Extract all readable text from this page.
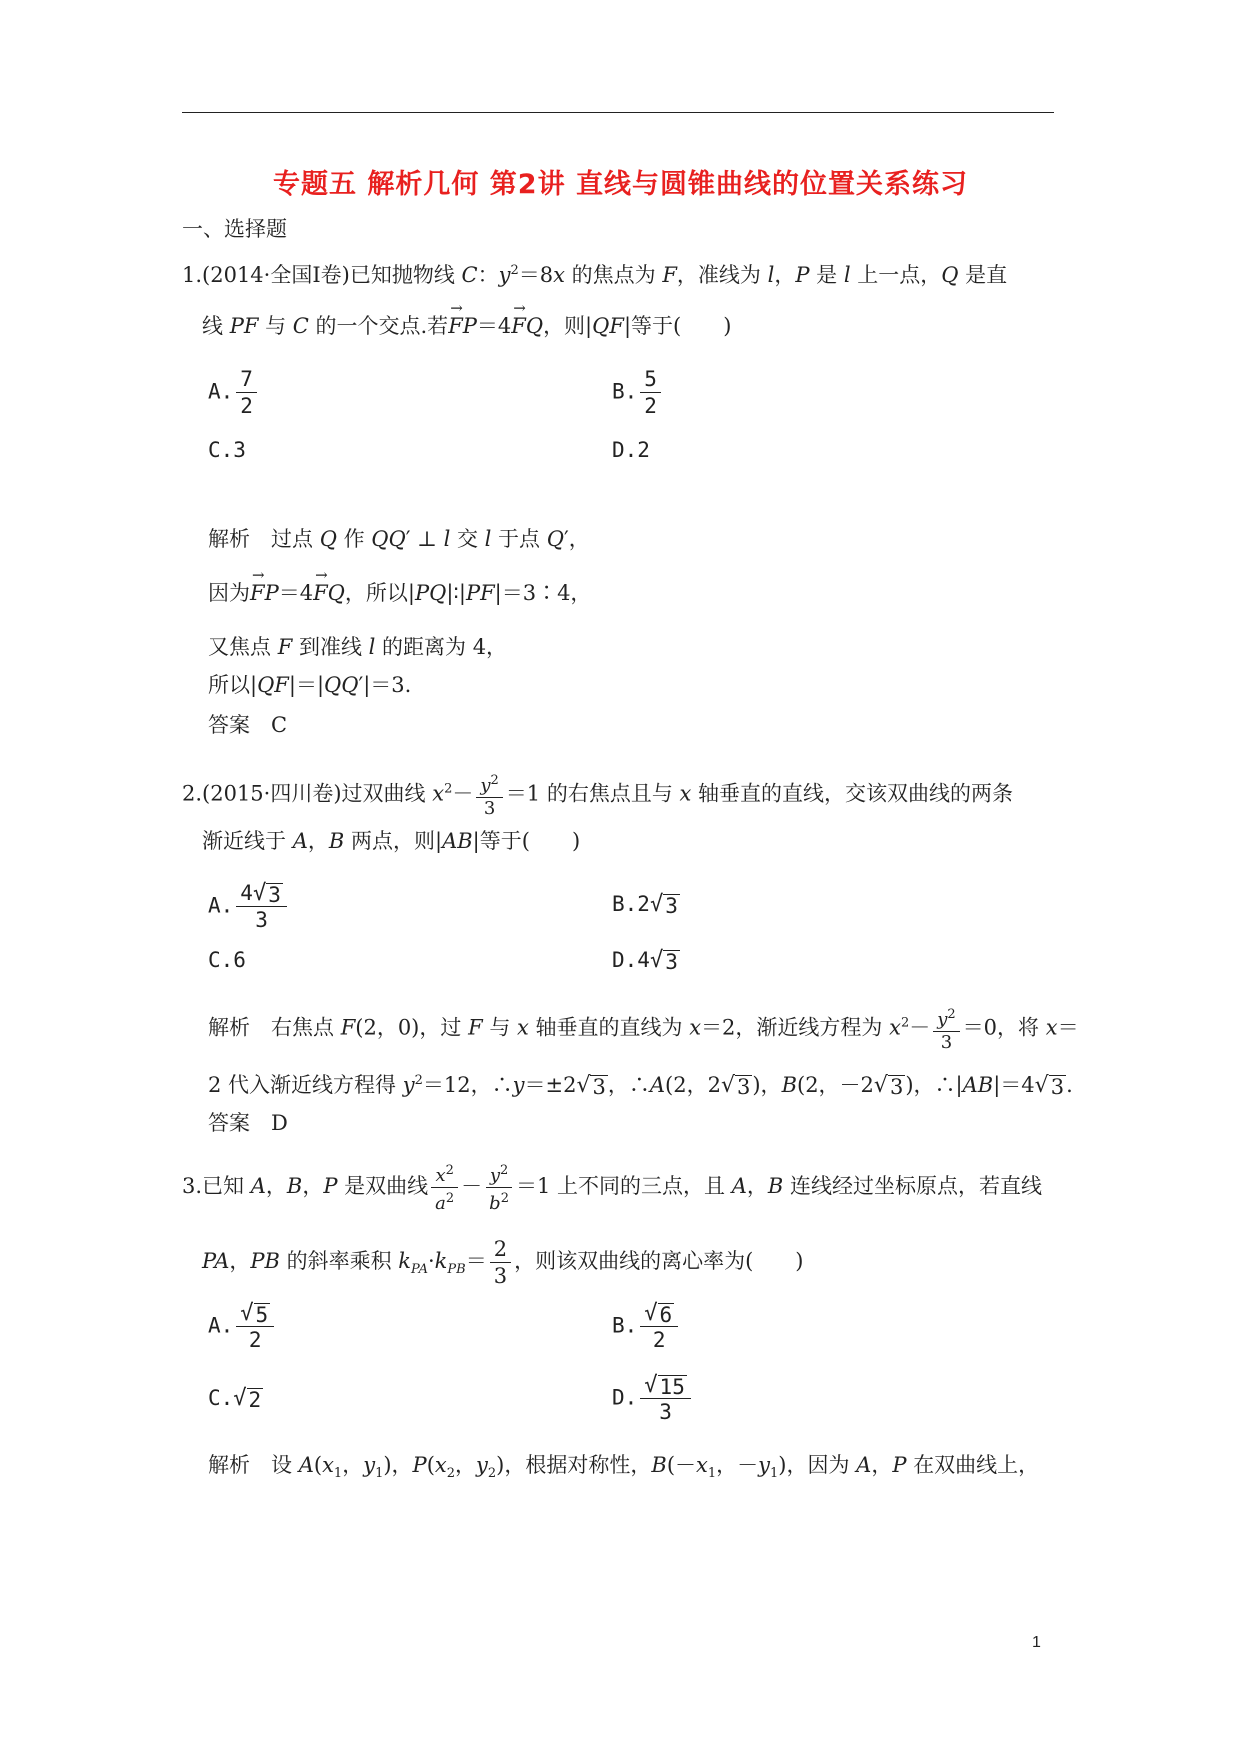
专题五 解析几何 第2讲 直线与圆锥曲线的位置关系练习
一、选择题
1.(2014·全国Ⅰ卷)已知抛物线 C：$y^2=8x$ 的焦点为 F，准线为 l，P 是 l 上一点，Q 是直
线 PF 与 C 的一个交点.若→ FP＝4→ FQ，则|QF|等于(　　)
A. $\frac{7}{2}$	B. $\frac{5}{2}$
C.3	D.2
解析　过点 Q 作 QQ′ ⊥ l 交 l 于点 Q′，
因为→ FP＝4→ FQ，所以|PQ|∶|PF|＝3∶4，
又焦点 F 到准线 l 的距离为 4，
所以|QF|＝|QQ′|＝3.
答案　C
2.(2015·四川卷)过双曲线 $x^2- \frac{y^2}{3} =1$ 的右焦点且与 x 轴垂直的直线，交该双曲线的两条
渐近线于 A，B 两点，则|AB|等于(　　)
A. $\frac{4 √ 3}{3}$	B.2 √ 3
C.6	D.4 √ 3
解析　右焦点 F(2，0)，过 F 与 x 轴垂直的直线为 x＝2，渐近线方程为 $x^2- \frac{y^2}{3} =0$，将 x＝
2 代入渐近线方程得 $y^2=12$，∴y＝±2 √ 3 ，∴A(2，2 √ 3 )，B(2，－2 √ 3 )，∴|AB|＝4 √ 3 .
答案　D
3.已知 A，B，P 是双曲线 $\frac{x^2}{a^2} - \frac{y^2}{b^2} =1$ 上不同的三点，且 A，B 连线经过坐标原点，若直线
PA，PB 的斜率乘积 $k_{PA}\cdot k_{PB}= \frac{2}{3}$ ，则该双曲线的离心率为(　　)
A. $\frac{√ 5}{2}$	B. $\frac{√ 6}{2}$
C. √ 2	D. $\frac{√ 15}{3}$
解析　设 $A(x_1$，$y_1$)，$P(x_2$，$y_2$)，根据对称性，$B(-x_1$，$-y_1$)，因为 A，P 在双曲线上，
1
